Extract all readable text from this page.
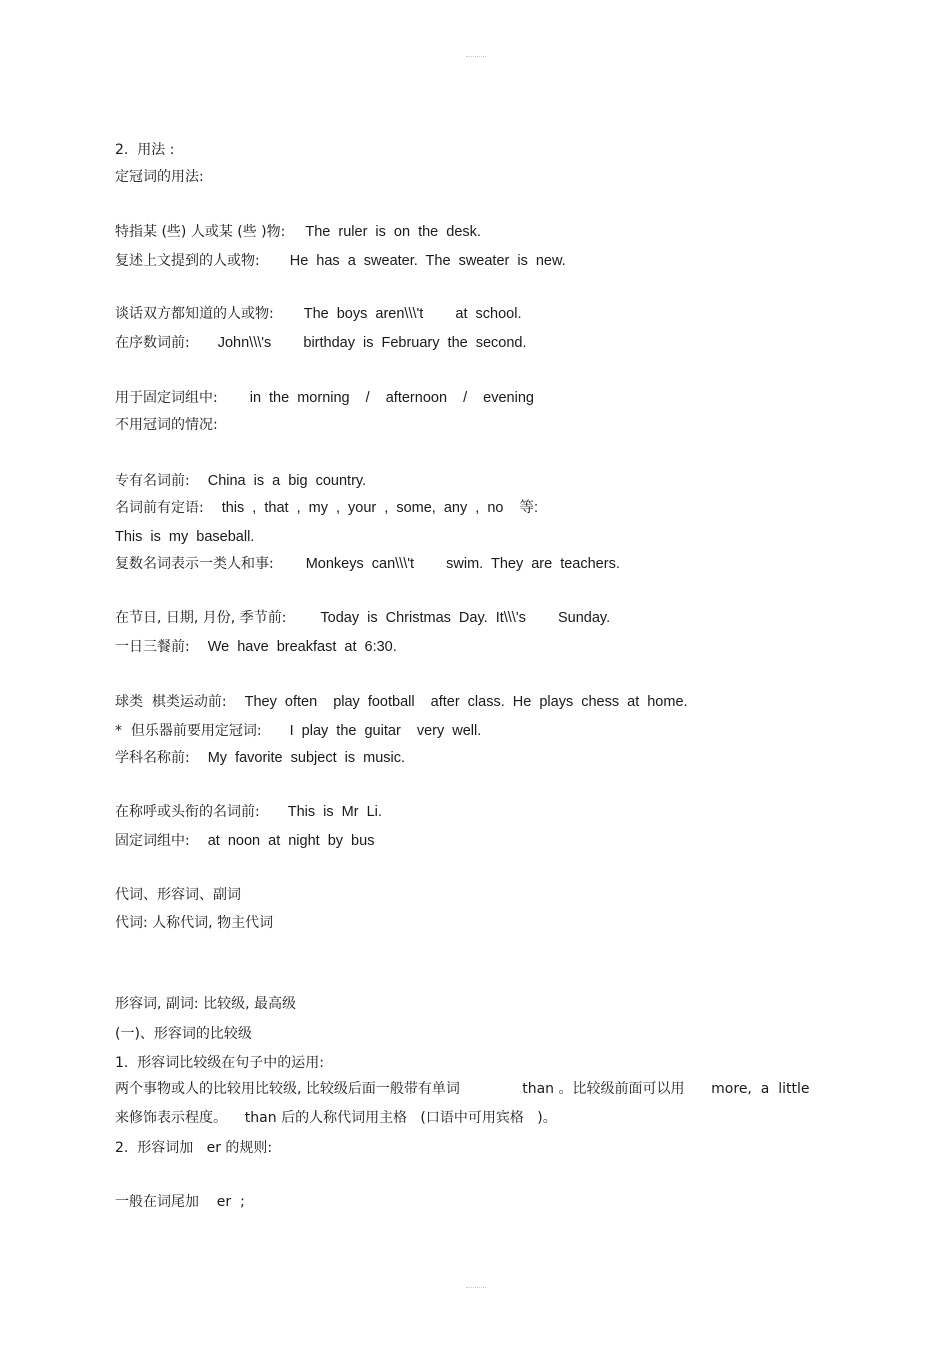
2.  用法 :
定冠词的用法:
特指某 (些) 人或某 (些 )物: The ruler is on the desk.
复述上文提到的人或物: He has a sweater. The sweater is new.
谈话双方都知道的人或物: The boys aren\\\'t    at school.
在序数词前: John\\\'s    birthday is February the second.
用于固定词组中: in the morning  /  afternoon  /  evening
不用冠词的情况:
专有名词前: China is a big country.
名词前有定语: this , that , my , your , some, any , no  等:
This is my baseball.
复数名词表示一类人和事: Monkeys can\\\'t    swim. They are teachers.
在节日, 日期, 月份, 季节前: Today is Christmas Day. It\\\'s    Sunday.
一日三餐前: We have breakfast at 6:30.
球类  棋类运动前: They often  play football  after class. He plays chess at home.
*  但乐器前要用定冠词: I play the guitar  very well.
学科名称前: My favorite subject is music.
在称呼或头衔的名词前: This is Mr Li.
固定词组中: at noon at night by bus
代词、形容词、副词
代词: 人称代词, 物主代词
形容词, 副词: 比较级, 最高级
(一)、形容词的比较级
1.  形容词比较级在句子中的运用:
两个事物或人的比较用比较级, 比较级后面一般带有单词              than 。比较级前面可以用      more,  a  little
来修饰表示程度。    than 后的人称代词用主格   (口语中可用宾格   )。
2.  形容词加   er 的规则:
一般在词尾加    er  ;
